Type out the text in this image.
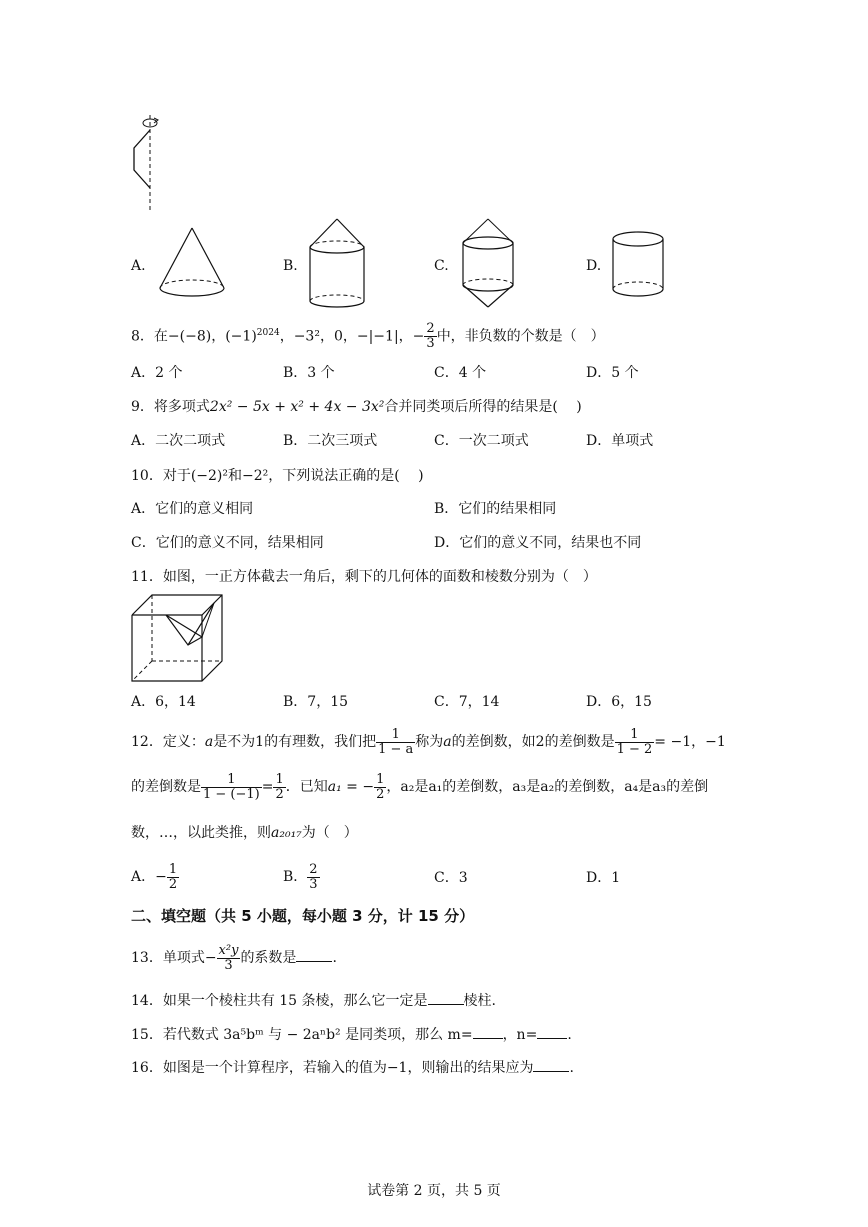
A.	B.	C.	D.
8．在−(−8)，$(-1)^{2024}$，−3²，0，−|−1|，− $\frac{2}{3}$ 中，非负数的个数是（　）
A．2 个	B．3 个	C．4 个	D．5 个
9．将多项式2x² − 5x + x² + 4x − 3x²合并同类项后所得的结果是(　 )
A．二次二项式	B．二次三项式	C．一次二项式	D．单项式
10．对于(−2)²和−2²，下列说法正确的是(　 )
A．它们的意义相同	B．它们的结果相同
C．它们的意义不同，结果相同	D．它们的意义不同，结果也不同
11．如图，一正方体截去一角后，剩下的几何体的面数和棱数分别为（　）
A．6，14	B．7，15	C．7，14	D．6，15
12．定义：a是不为1的有理数，我们把 $\frac{1}{1 - a}$ 称为a的差倒数，如2的差倒数是 $\frac{1}{1 - 2} = -1$，−1
的差倒数是 $\frac{1}{1 - (-1)} = \frac{1}{2}$ ．已知a₁ = − $\frac{1}{2}$ ，a₂是a₁的差倒数，a₃是a₂的差倒数，a₄是a₃的差倒
数，…，以此类推，则a₂₀₁₇为（　）
A．− $\frac{1}{2}$	B． $\frac{2}{3}$	C．3	D．1
二、填空题（共 5 小题，每小题 3 分，计 15 分）
13．单项式− $\frac{\text{x²y}}{3}$ 的系数是	.
14．如果一个棱柱共有 15 条棱，那么它一定是	棱柱.
15．若代数式 3a⁵bᵐ 与 − 2aⁿb² 是同类项，那么 m= ，n= .
16．如图是一个计算程序，若输入的值为−1，则输出的结果应为	.
试卷第 2 页，共 5 页
